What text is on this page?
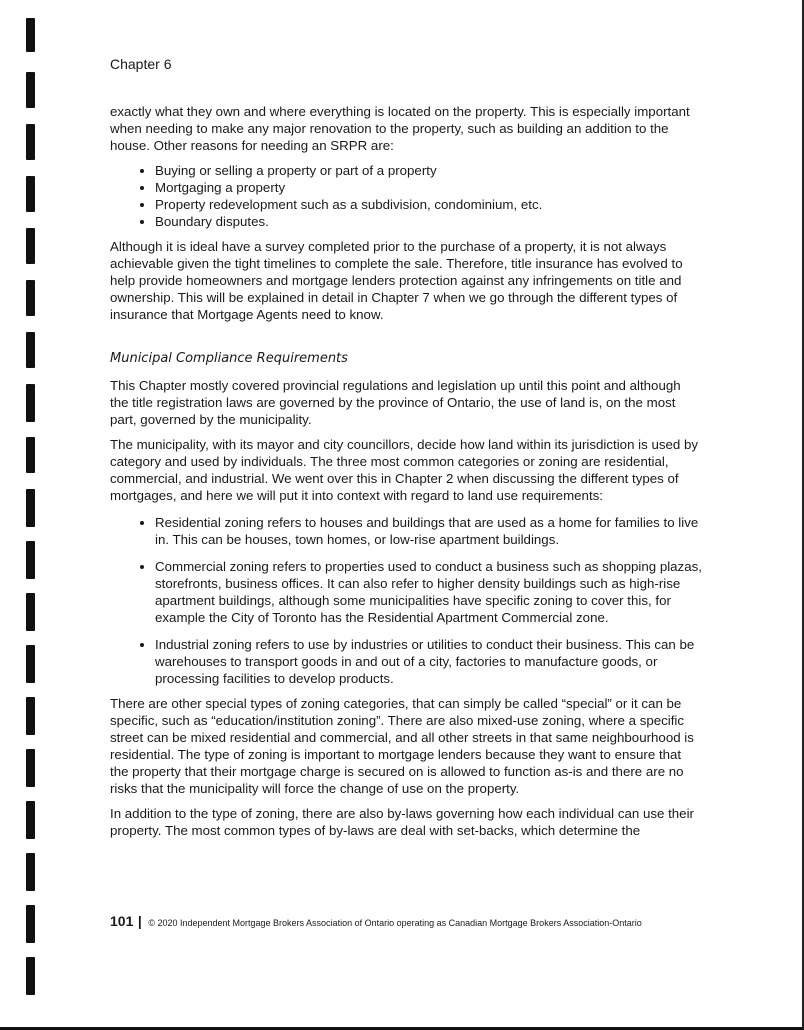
Chapter 6

exactly what they own and where everything is located on the property. This is especially important when needing to make any major renovation to the property, such as building an addition to the house. Other reasons for needing an SRPR are:

• Buying or selling a property or part of a property
• Mortgaging a property
• Property redevelopment such as a subdivision, condominium, etc.
• Boundary disputes.

Although it is ideal have a survey completed prior to the purchase of a property, it is not always achievable given the tight timelines to complete the sale. Therefore, title insurance has evolved to help provide homeowners and mortgage lenders protection against any infringements on title and ownership. This will be explained in detail in Chapter 7 when we go through the different types of insurance that Mortgage Agents need to know.

Municipal Compliance Requirements

This Chapter mostly covered provincial regulations and legislation up until this point and although the title registration laws are governed by the province of Ontario, the use of land is, on the most part, governed by the municipality.

The municipality, with its mayor and city councillors, decide how land within its jurisdiction is used by category and used by individuals. The three most common categories or zoning are residential, commercial, and industrial. We went over this in Chapter 2 when discussing the different types of mortgages, and here we will put it into context with regard to land use requirements:

• Residential zoning refers to houses and buildings that are used as a home for families to live in. This can be houses, town homes, or low-rise apartment buildings.
• Commercial zoning refers to properties used to conduct a business such as shopping plazas, storefronts, business offices. It can also refer to higher density buildings such as high-rise apartment buildings, although some municipalities have specific zoning to cover this, for example the City of Toronto has the Residential Apartment Commercial zone.
• Industrial zoning refers to use by industries or utilities to conduct their business. This can be warehouses to transport goods in and out of a city, factories to manufacture goods, or processing facilities to develop products.

There are other special types of zoning categories, that can simply be called “special” or it can be specific, such as “education/institution zoning”. There are also mixed-use zoning, where a specific street can be mixed residential and commercial, and all other streets in that same neighbourhood is residential. The type of zoning is important to mortgage lenders because they want to ensure that the property that their mortgage charge is secured on is allowed to function as-is and there are no risks that the municipality will force the change of use on the property.

In addition to the type of zoning, there are also by-laws governing how each individual can use their property. The most common types of by-laws are deal with set-backs, which determine the

101 | © 2020 Independent Mortgage Brokers Association of Ontario operating as Canadian Mortgage Brokers Association-Ontario
